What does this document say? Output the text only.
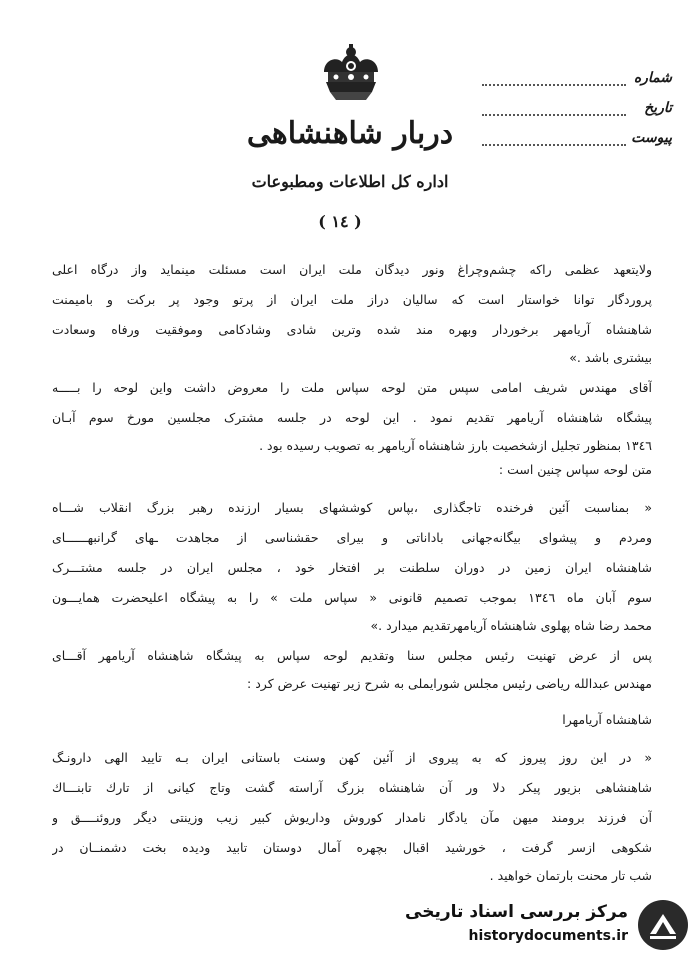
دربار شاهنشاهی
اداره کل اطلاعات ومطبوعات
( ١٤ )
شماره
تاریخ
پیوست
ولایتعهد عظمی راکه چشم‌وچراغ ونور دیدگان ملت ایران است مسئلت مینماید واز درگاه اعلی
پروردگار توانا خواستار است که سالیان دراز ملت ایران از پرتو وجود پر برکت و بامیمنت
شاهنشاه آریامهر برخوردار وبهره مند شده وترین شادی وشادکامی وموفقیت ورفاه وسعادت
بیشتری باشد .»
آقای مهندس شریف امامی سپس متن لوحه سپاس ملت را معروض داشت واین لوحه را بـــــه
پیشگاه شاهنشاه آریامهر تقدیم نمود . این لوحه در جلسه مشترک مجلسین مورخ سوم آبـان
١٣٤٦ بمنظور تجلیل ازشخصیت بارز شاهنشاه آریامهر به تصویب رسیده بود .
متن لوحه سپاس چنین است :
« بمناسبت آئین فرخنده تاجگذاری ،بپاس کوششهای بسیار ارزنده رهبر بزرگ انقلاب شـــاه
ومردم و پیشوای بیگانه‌جهانی باداناتی و بیرای حقشناسی از مجاهدت ـهای گرانبهــــــای
شاهنشاه ایران زمین در دوران سلطنت بر افتخار خود ، مجلس ایران در جلسه مشتـــرک
سوم آبان ماه ١٣٤٦ بموجب تصمیم قانونی « سپاس ملت » را به پیشگاه اعلیحضرت همایـــون
محمد رضا شاه پهلوی شاهنشاه آریامهرتقدیم میدارد .»
پس از عرض تهنیت رئیس مجلس سنا وتقدیم لوحه سپاس به پیشگاه شاهنشاه آریامهر آقـــای
مهندس عبدالله ریاضی رئیس مجلس شورایملی به شرح زیر تهنیت عرض کرد :
شاهنشاه آریامهرا
« در این روز پیروز که به پیروی از آئین کهن وسنت باستانی ایران بـه تایید الهی دارونـگ
شاهنشاهی بزیور پیکر دلا ور آن شاهنشاه بزرگ آراسته گشت وتاج کیانی از تارك تابنـــاك
آن فرزند برومند میهن مآن یادگار نامدار کوروش وداریوش کبیر زیب وزینتی دیگر وروئنــــق و
شکوهی ازسر گرفت ، خورشید اقبال بچهره آمال دوستان تابید ودیده بخت دشمنــان در
شب تار محنت بارتمان خواهید .
مرکز بررسی اسناد تاریخی
historydocuments.ir
